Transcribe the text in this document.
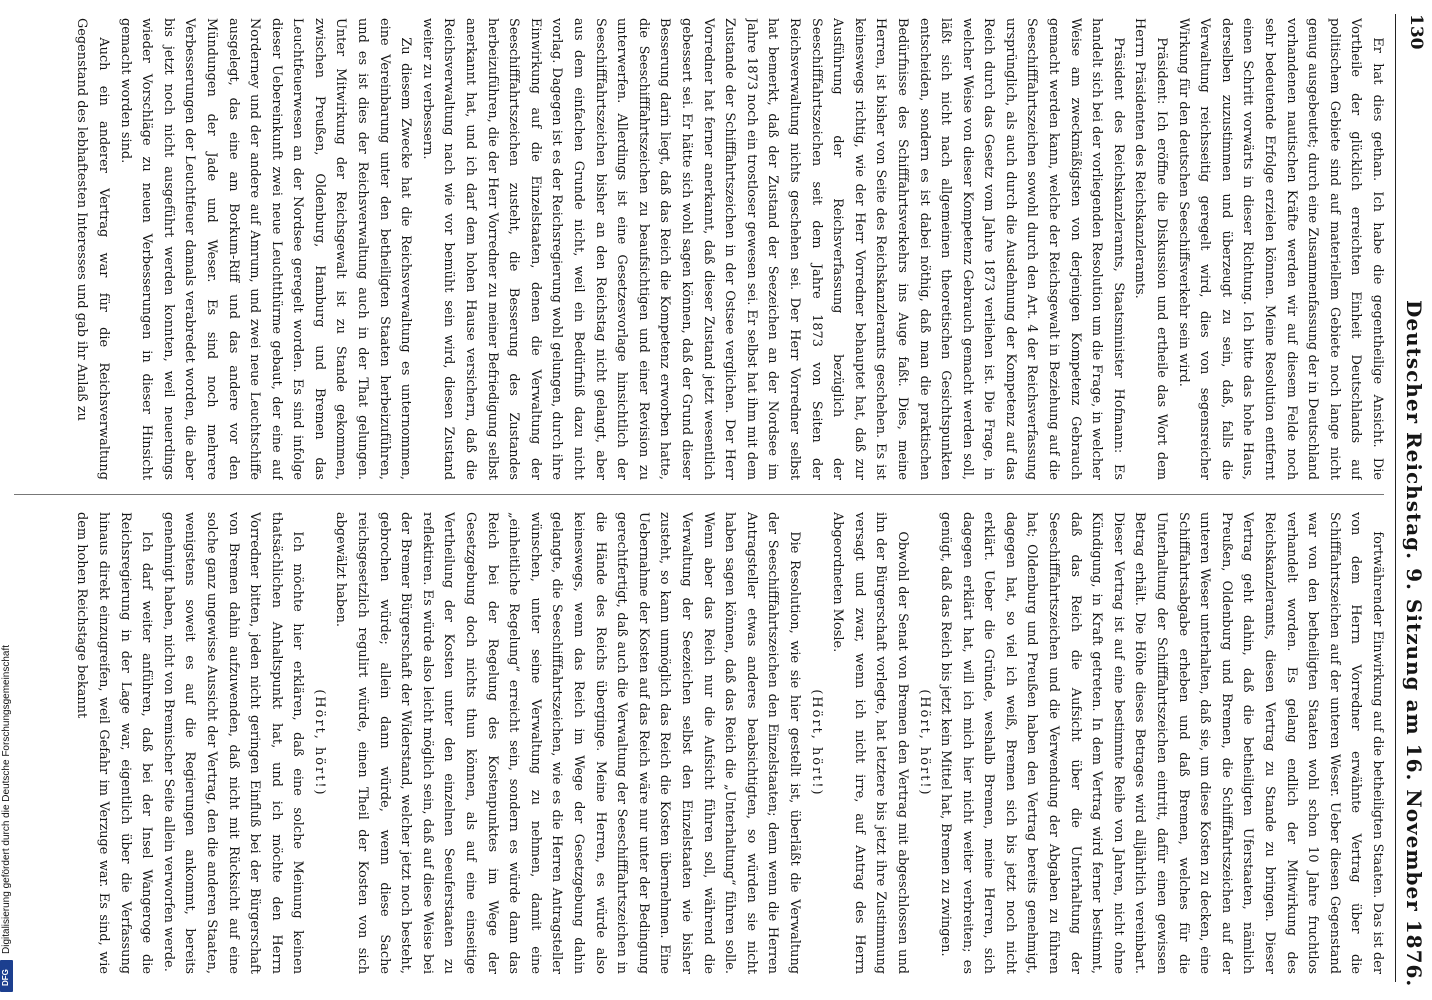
130
Deutscher Reichstag. 9. Sitzung am 16. November 1876.

Er hat dies gethan. Ich habe die gegentheilige Ansicht. Die Vortheile der glücklich erreichten Einheit Deutschlands auf politischem Gebiete sind auf materiellem Gebiete noch lange nicht genug ausgebeutet; durch eine Zusammenfassung der in Deutschland vorhandenen nautischen Kräfte werden wir auf diesem Felde noch sehr bedeutende Erfolge erzielen können. Meine Resolution entfernt einen Schritt vorwärts in dieser Richtung. Ich bitte das hohe Haus, derselben zuzustimmen und überzeugt zu sein, daß, falls die Verwaltung reichsseitig geregelt wird, dies von segensreicher Wirkung für den deutschen Seeschiffsverkehr sein wird.

Präsident: Ich eröffne die Diskussion und ertheile das Wort dem Herrn Präsidenten des Reichskanzleramts.

Präsident des Reichskanzleramts, Staatsminister Hofmann: Es handelt sich bei der vorliegenden Resolution um die Frage, in welcher Weise am zweckmäßigsten von derjenigen Kompetenz Gebrauch gemacht werden kann, welche der Reichsgewalt in Beziehung auf die Seeschifffahrtszeichen sowohl durch den Art. 4 der Reichsverfassung ursprünglich, als auch durch die Ausdehnung der Kompetenz auf das Reich durch das Gesetz vom Jahre 1873 verliehen ist. Die Frage, in welcher Weise von dieser Kompetenz Gebrauch gemacht werden soll, läßt sich nicht nach allgemeinen theoretischen Gesichtspunkten entscheiden, sondern es ist dabei nöthig, daß man die praktischen Bedürfnisse des Schifffahrtsverkehrs ins Auge faßt. Dies, meine Herren, ist bisher von Seite des Reichskanzleramts geschehen. Es ist keineswegs richtig, wie der Herr Vorredner behauptet hat, daß zur Ausführung der Reichsverfassung bezüglich der Seeschifffahrtszeichen seit dem Jahre 1873 von Seiten der Reichsverwaltung nichts geschehen sei. Der Herr Vorredner selbst hat bemerkt, daß der Zustand der Seezeichen an der Nordsee im Jahre 1873 noch ein trostloser gewesen sei. Er selbst hat ihm mit dem Zustande der Schifffahrtszeichen in der Ostsee verglichen. Der Herr Vorredner hat ferner anerkannt, daß dieser Zustand jetzt wesentlich gebessert sei. Er hätte sich wohl sagen können, daß der Grund dieser Besserung darin liegt, daß das Reich die Kompetenz erworben hatte, die Seeschifffahrtszeichen zu beaufsichtigen und einer Revision zu unterwerfen. Allerdings ist eine Gesetzesvorlage hinsichtlich der Seeschifffahrtszeichen bisher an den Reichstag nicht gelangt, aber aus dem einfachen Grunde nicht, weil ein Bedürfniß dazu nicht vorlag. Dagegen ist es der Reichsregierung wohl gelungen, durch ihre Einwirkung auf die Einzelstaaten, denen die Verwaltung der Seeschifffahrtszeichen zusteht, die Besserung des Zustandes herbeizuführen, die der Herr Vorredner zu meiner Befriedigung selbst anerkannt hat, und ich darf dem hohen Hause versichern, daß die Reichsverwaltung nach wie vor bemüht sein wird, diesen Zustand weiter zu verbessern.

Zu diesem Zwecke hat die Reichsverwaltung es unternommen, eine Vereinbarung unter den betheiligten Staaten herbeizuführen, und es ist dies der Reichsverwaltung auch in der That gelungen. Unter Mitwirkung der Reichsgewalt ist zu Stande gekommen, zwischen Preußen, Oldenburg, Hamburg und Bremen das Leuchtfeuerwesen an der Nordsee geregelt worden. Es sind infolge dieser Uebereinkunft zwei neue Leuchtthürme gebaut, der eine auf Norderney und der andere auf Amrum, und zwei neue Leuchtschiffe ausgelegt, das eine am Borkum-Riff und das andere vor den Mündungen der Jade und Weser. Es sind noch mehrere Verbesserungen der Leuchtfeuer damals verabredet worden, die aber bis jetzt noch nicht ausgeführt werden konnten, weil neuerdings wieder Vorschläge zu neuen Verbesserungen in dieser Hinsicht gemacht worden sind.

Auch ein anderer Vertrag war für die Reichsverwaltung Gegenstand des lebhaftesten Interesses und gab ihr Anlaß zu

fortwährender Einwirkung auf die betheiligten Staaten. Das ist der von dem Herrn Vorredner erwähnte Vertrag über die Schifffahrtszeichen auf der unteren Weser. Ueber diesen Gegenstand war von den betheiligten Staaten wohl schon 10 Jahre fruchtlos verhandelt worden. Es gelang endlich der Mitwirkung des Reichskanzleramts, diesen Vertrag zu Stande zu bringen. Dieser Vertrag geht dahin, daß die betheiligten Uferstaaten, nämlich Preußen, Oldenburg und Bremen, die Schifffahrtszeichen auf der unteren Weser unterhalten, daß sie, um diese Kosten zu decken, eine Schifffahrtsabgabe erheben und daß Bremen, welches für die Unterhaltung der Schifffahrtszeichen eintritt, dafür einen gewissen Betrag erhält. Die Höhe dieses Betrages wird alljährlich vereinbart. Dieser Vertrag ist auf eine bestimmte Reihe von Jahren, nicht ohne Kündigung, in Kraft getreten. In dem Vertrag wird ferner bestimmt, daß das Reich die Aufsicht über die Unterhaltung der Seeschifffahrtszeichen und die Verwendung der Abgaben zu führen hat; Oldenburg und Preußen haben den Vertrag bereits genehmigt, dagegen hat, so viel ich weiß, Bremen sich bis jetzt noch nicht erklärt. Ueber die Gründe, weshalb Bremen, meine Herren, sich dagegen erklärt hat, will ich mich hier nicht weiter verbreiten; es genügt, daß das Reich bis jetzt kein Mittel hat, Bremen zu zwingen.

(Hört, hört!)

Obwohl der Senat von Bremen den Vertrag mit abgeschlossen und ihn der Bürgerschaft vorlegte, hat letztere bis jetzt ihre Zustimmung versagt und zwar, wenn ich nicht irre, auf Antrag des Herrn Abgeordneten Mosle.

(Hört, hört!)

Die Resolution, wie sie hier gestellt ist, überläßt die Verwaltung der Seeschifffahrtszeichen den Einzelstaaten; denn wenn die Herren Antragsteller etwas anderes beabsichtigten, so würden sie nicht haben sagen können, daß das Reich die „Unterhaltung“ führen solle. Wenn aber das Reich nur die Aufsicht führen soll, während die Verwaltung der Seezeichen selbst den Einzelstaaten wie bisher zusteht, so kann unmöglich das Reich die Kosten übernehmen. Eine Uebernahme der Kosten auf das Reich wäre nur unter der Bedingung gerechtfertigt, daß auch die Verwaltung der Seeschifffahrtszeichen in die Hände des Reichs überginge. Meine Herren, es würde also keineswegs, wenn das Reich im Wege der Gesetzgebung dahin gelangte, die Seeschifffahrtszeichen, wie es die Herren Antragsteller wünschen, unter seine Verwaltung zu nehmen, damit eine „einheitliche Regelung“ erreicht sein, sondern es würde dann das Reich bei der Regelung des Kostenpunktes im Wege der Gesetzgebung doch nichts thun können, als auf eine einseitige Vertheilung der Kosten unter den einzelnen Seeuferstaaten zu reflektiren. Es würde also leicht möglich sein, daß auf diese Weise bei der Bremer Bürgerschaft der Widerstand, welcher jetzt noch besteht, gebrochen würde; allein dann würde, wenn diese Sache reichsgesetzlich regulirt würde, einen Theil der Kosten von sich abgewälzt haben.

(Hört, hört!)

Ich möchte hier erklären, daß eine solche Meinung keinen thatsächlichen Anhaltspunkt hat, und ich möchte den Herrn Vorredner bitten, jeden nicht geringen Einfluß bei der Bürgerschaft von Bremen dahin aufzuwenden, daß nicht mit Rücksicht auf eine solche ganz ungewisse Aussicht der Vertrag, den die anderen Staaten, wenigstens soweit es auf die Regierungen ankommt, bereits genehmigt haben, nicht von Bremischer Seite allein verworfen werde.

Ich darf weiter anführen, daß bei der Insel Wangeroge die Reichsregierung in der Lage war, eigentlich über die Verfassung hinaus direkt einzugreifen, weil Gefahr im Verzuge war. Es sind, wie dem hohen Reichstage bekannt

Digitalisierung gefördert durch die Deutsche Forschungsgemeinschaft
DFG
